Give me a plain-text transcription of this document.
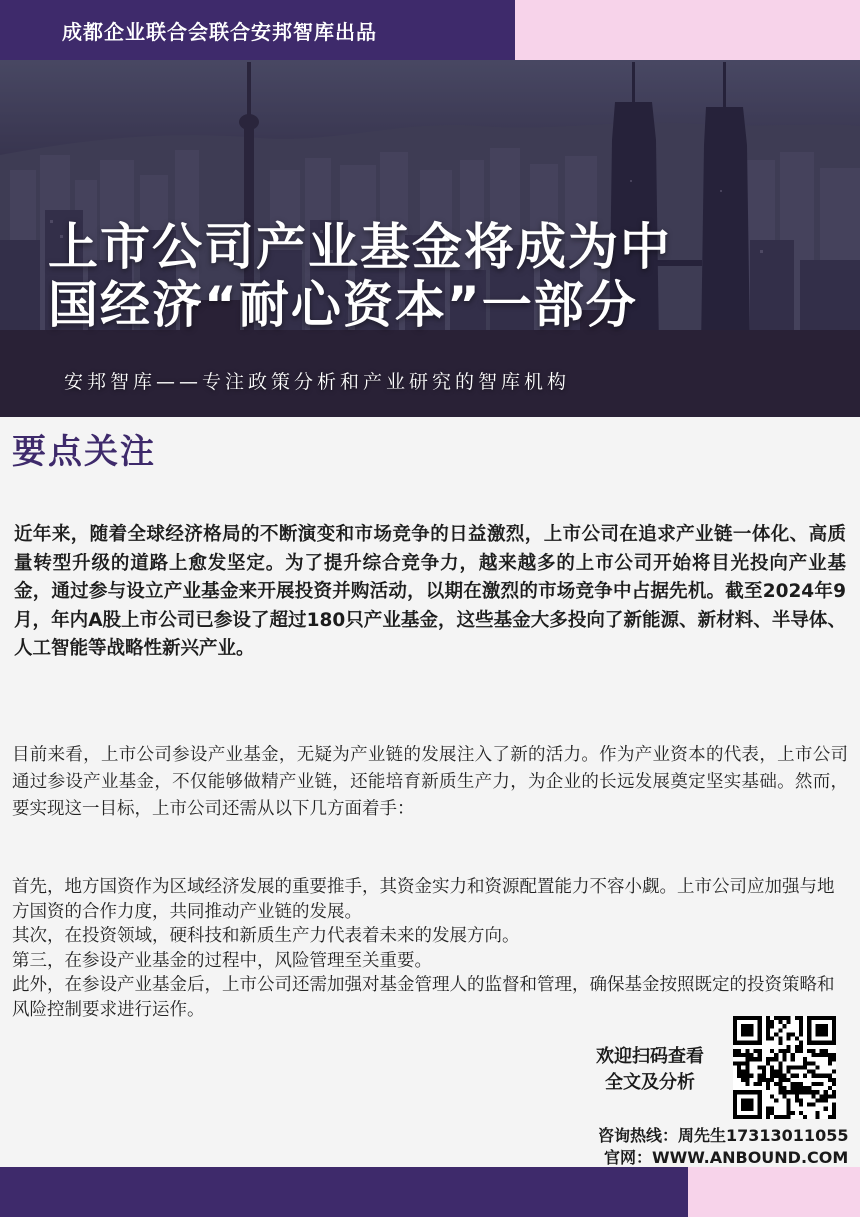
成都企业联合会联合安邦智库出品
上市公司产业基金将成为中
国经济“耐心资本”一部分
安邦智库——专注政策分析和产业研究的智库机构
要点关注
近年来，随着全球经济格局的不断演变和市场竞争的日益激烈，上市公司在追求产业链一体化、高质量转型升级的道路上愈发坚定。为了提升综合竞争力，越来越多的上市公司开始将目光投向产业基金，通过参与设立产业基金来开展投资并购活动，以期在激烈的市场竞争中占据先机。截至2024年9月，年内A股上市公司已参设了超过180只产业基金，这些基金大多投向了新能源、新材料、半导体、人工智能等战略性新兴产业。
目前来看，上市公司参设产业基金，无疑为产业链的发展注入了新的活力。作为产业资本的代表，上市公司通过参设产业基金，不仅能够做精产业链，还能培育新质生产力，为企业的长远发展奠定坚实基础。然而，要实现这一目标，上市公司还需从以下几方面着手：

首先，地方国资作为区域经济发展的重要推手，其资金实力和资源配置能力不容小觑。上市公司应加强与地方国资的合作力度，共同推动产业链的发展。

其次，在投资领域，硬科技和新质生产力代表着未来的发展方向。

第三，在参设产业基金的过程中，风险管理至关重要。

此外，在参设产业基金后，上市公司还需加强对基金管理人的监督和管理，确保基金按照既定的投资策略和风险控制要求进行运作。

欢迎扫码查看
全文及分析
咨询热线：周先生17313011055
官网：WWW.ANBOUND.COM
